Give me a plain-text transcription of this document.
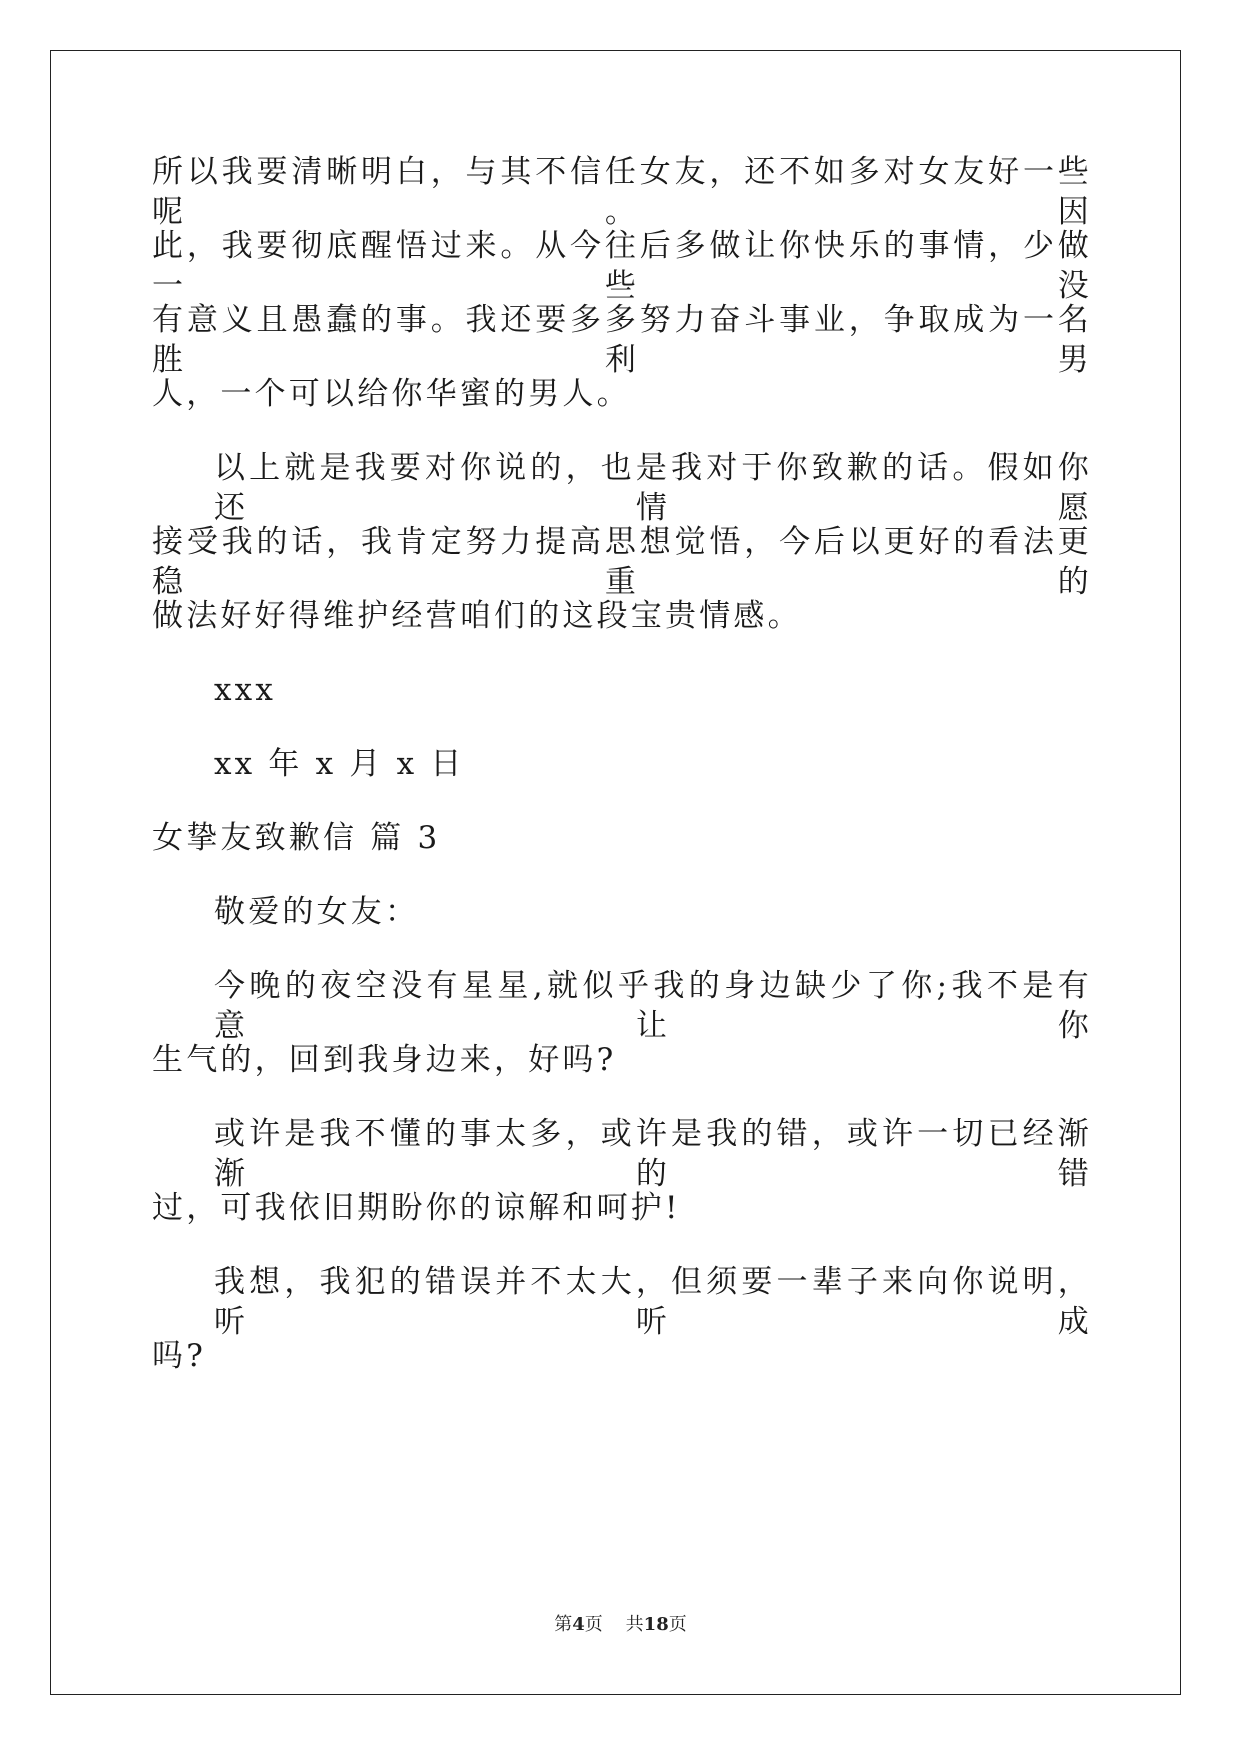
所以我要清晰明白，与其不信任女友，还不如多对女友好一些呢。因
此，我要彻底醒悟过来。从今往后多做让你快乐的事情，少做一些没
有意义且愚蠢的事。我还要多多努力奋斗事业，争取成为一名胜利男
人，一个可以给你华蜜的男人。
以上就是我要对你说的，也是我对于你致歉的话。假如你还情愿
接受我的话，我肯定努力提高思想觉悟，今后以更好的看法更稳重的
做法好好得维护经营咱们的这段宝贵情感。
xxx
xx 年 x 月 x 日
女挚友致歉信 篇 3
敬爱的女友：
今晚的夜空没有星星,就似乎我的身边缺少了你;我不是有意让你
生气的，回到我身边来，好吗?
或许是我不懂的事太多，或许是我的错，或许一切已经渐渐的错
过，可我依旧期盼你的谅解和呵护!
我想，我犯的错误并不太大，但须要一辈子来向你说明，听听成
吗?
第4页 共18页
